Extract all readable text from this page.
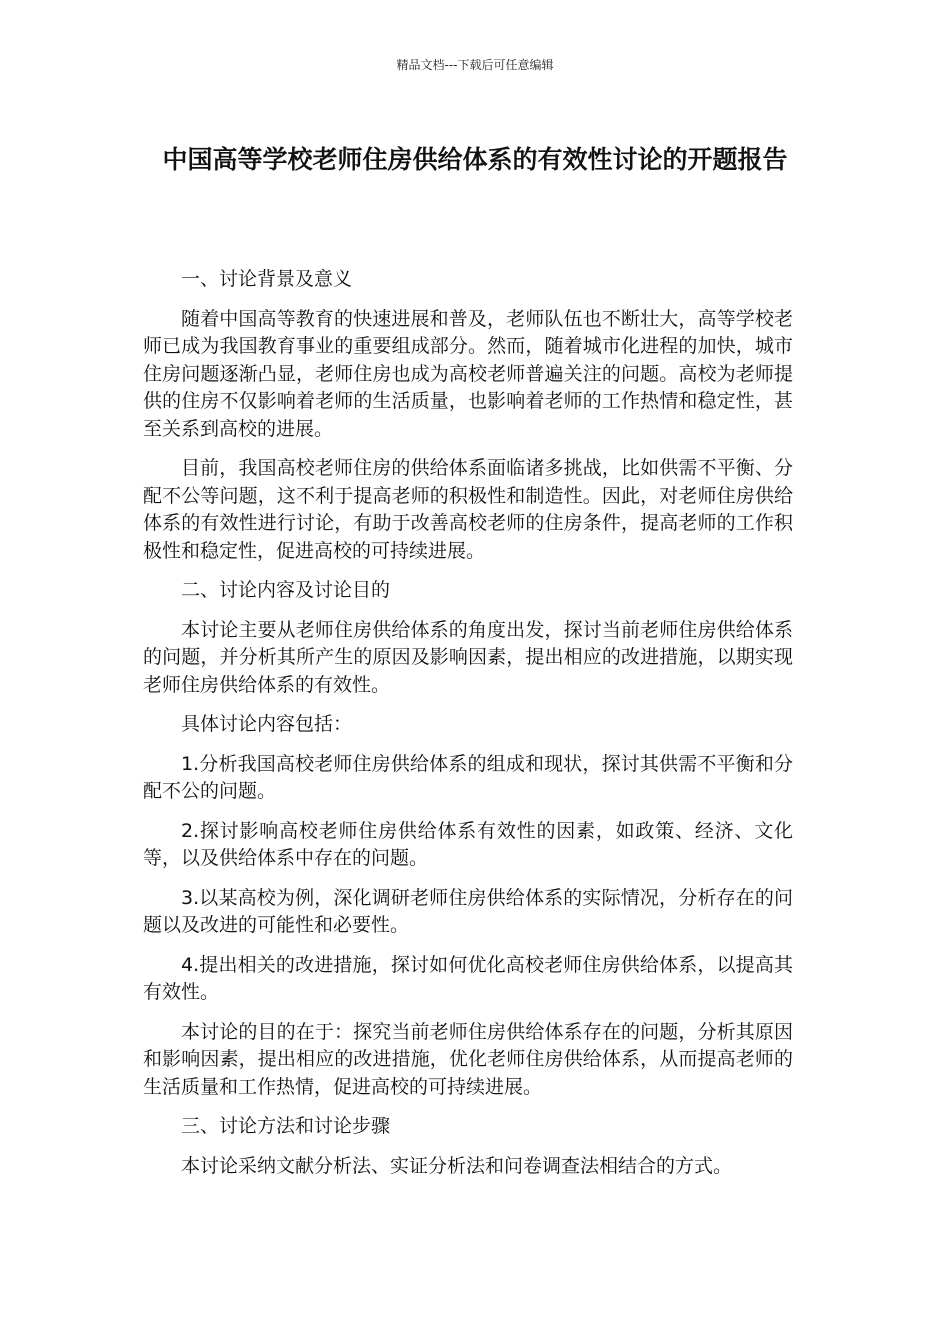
精品文档---下载后可任意编辑
中国高等学校老师住房供给体系的有效性讨论的开题报告

一、讨论背景及意义

随着中国高等教育的快速进展和普及，老师队伍也不断壮大，高等学校老师已成为我国教育事业的重要组成部分。然而，随着城市化进程的加快，城市住房问题逐渐凸显，老师住房也成为高校老师普遍关注的问题。高校为老师提供的住房不仅影响着老师的生活质量，也影响着老师的工作热情和稳定性，甚至关系到高校的进展。

目前，我国高校老师住房的供给体系面临诸多挑战，比如供需不平衡、分配不公等问题，这不利于提高老师的积极性和制造性。因此，对老师住房供给体系的有效性进行讨论，有助于改善高校老师的住房条件，提高老师的工作积极性和稳定性，促进高校的可持续进展。

二、讨论内容及讨论目的

本讨论主要从老师住房供给体系的角度出发，探讨当前老师住房供给体系的问题，并分析其所产生的原因及影响因素，提出相应的改进措施，以期实现老师住房供给体系的有效性。

具体讨论内容包括：

1.分析我国高校老师住房供给体系的组成和现状，探讨其供需不平衡和分配不公的问题。

2.探讨影响高校老师住房供给体系有效性的因素，如政策、经济、文化等，以及供给体系中存在的问题。

3.以某高校为例，深化调研老师住房供给体系的实际情况，分析存在的问题以及改进的可能性和必要性。

4.提出相关的改进措施，探讨如何优化高校老师住房供给体系，以提高其有效性。

本讨论的目的在于：探究当前老师住房供给体系存在的问题，分析其原因和影响因素，提出相应的改进措施，优化老师住房供给体系，从而提高老师的生活质量和工作热情，促进高校的可持续进展。

三、讨论方法和讨论步骤

本讨论采纳文献分析法、实证分析法和问卷调查法相结合的方式。
